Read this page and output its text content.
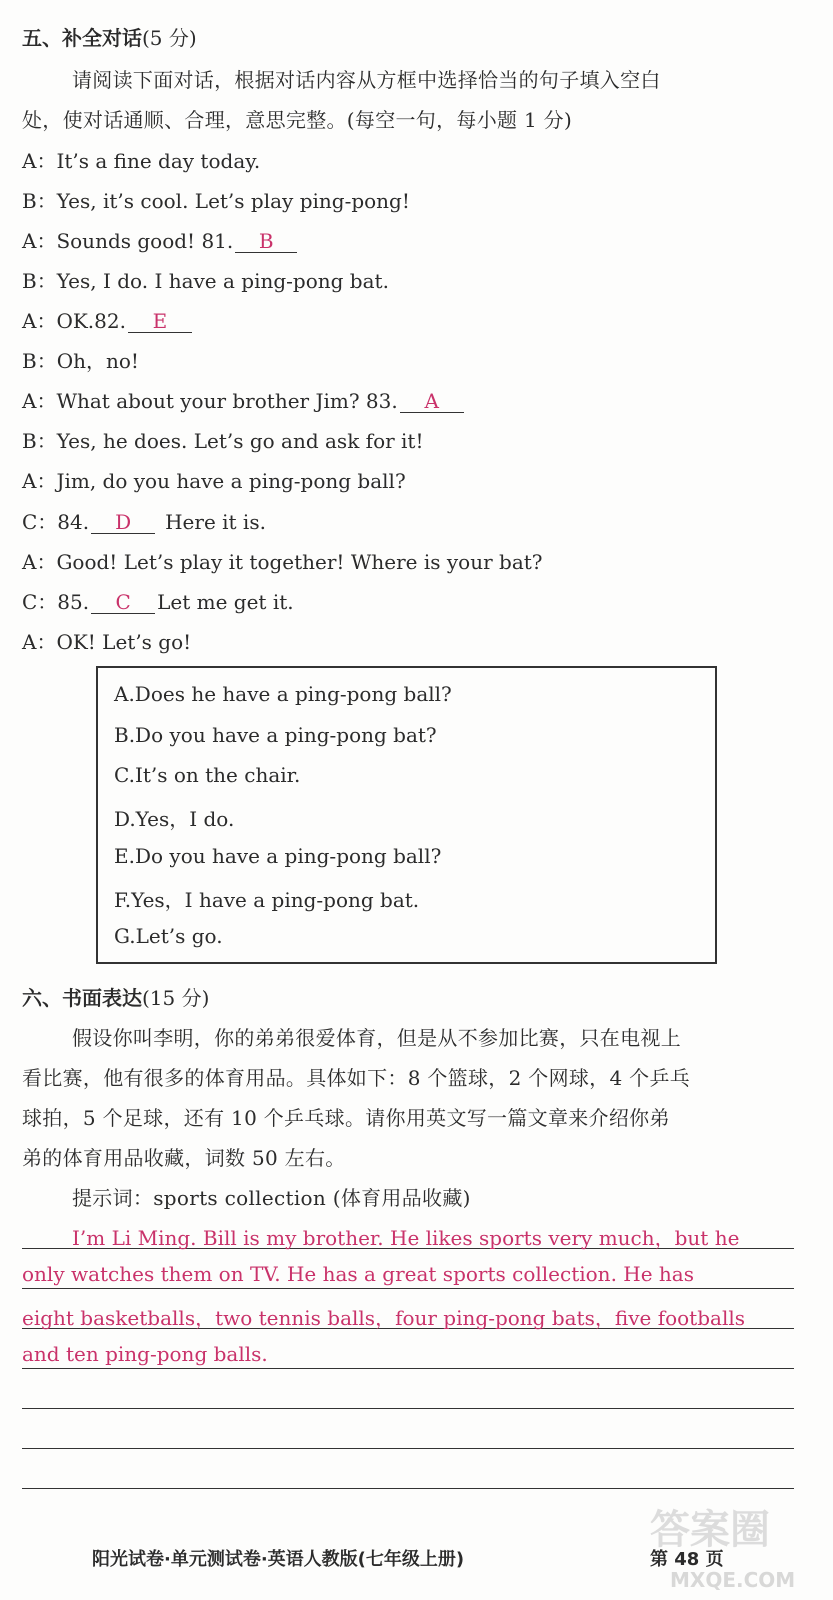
五、补全对话(5 分)
请阅读下面对话，根据对话内容从方框中选择恰当的句子填入空白
处，使对话通顺、合理，意思完整。(每空一句，每小题 1 分)
A：It’s a fine day today.
B：Yes, it’s cool. Let’s play ping-pong!
A：Sounds good! 81. B
B：Yes, I do. I have a ping-pong bat.
A：OK.82. E
B：Oh，no!
A：What about your brother Jim? 83. A
B：Yes, he does. Let’s go and ask for it!
A：Jim, do you have a ping-pong ball?
C：84. D Here it is.
A：Good! Let’s play it together! Where is your bat?
C：85. C Let me get it.
A：OK! Let’s go!
A.Does he have a ping-pong ball?
B.Do you have a ping-pong bat?
C.It’s on the chair.
D.Yes，I do.
E.Do you have a ping-pong ball?
F.Yes，I have a ping-pong bat.
G.Let’s go.
六、书面表达(15 分)
假设你叫李明，你的弟弟很爱体育，但是从不参加比赛，只在电视上
看比赛，他有很多的体育用品。具体如下：8 个篮球，2 个网球，4 个乒乓
球拍，5 个足球，还有 10 个乒乓球。请你用英文写一篇文章来介绍你弟
弟的体育用品收藏，词数 50 左右。
提示词：sports collection (体育用品收藏)
I’m Li Ming. Bill is my brother. He likes sports very much，but he
only watches them on TV. He has a great sports collection. He has
eight basketballs，two tennis balls，four ping-pong bats，five footballs
and ten ping-pong balls.
阳光试卷·单元测试卷·英语人教版(七年级上册)	第 48 页
答案圈
MXQE.COM
